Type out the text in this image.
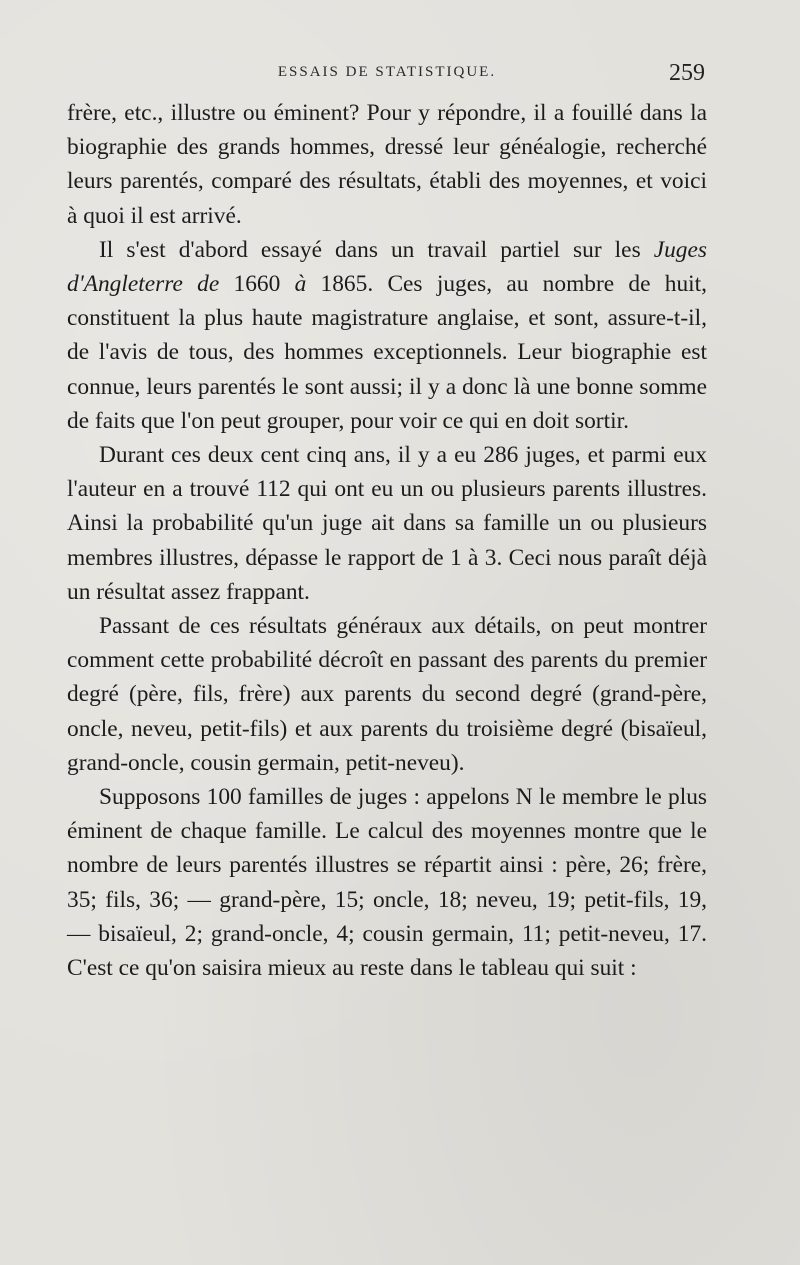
ESSAIS DE STATISTIQUE.	259

frère, etc., illustre ou éminent? Pour y répondre, il a fouillé dans la biographie des grands hommes, dressé leur généalogie, recherché leurs parentés, comparé des résultats, établi des moyennes, et voici à quoi il est arrivé.

Il s'est d'abord essayé dans un travail partiel sur les Juges d'Angleterre de 1660 à 1865. Ces juges, au nombre de huit, constituent la plus haute magistrature anglaise, et sont, assure-t-il, de l'avis de tous, des hommes exceptionnels. Leur biographie est connue, leurs parentés le sont aussi; il y a donc là une bonne somme de faits que l'on peut grouper, pour voir ce qui en doit sortir.

Durant ces deux cent cinq ans, il y a eu 286 juges, et parmi eux l'auteur en a trouvé 112 qui ont eu un ou plusieurs parents illustres. Ainsi la probabilité qu'un juge ait dans sa famille un ou plusieurs membres illustres, dépasse le rapport de 1 à 3. Ceci nous paraît déjà un résultat assez frappant.

Passant de ces résultats généraux aux détails, on peut montrer comment cette probabilité décroît en passant des parents du premier degré (père, fils, frère) aux parents du second degré (grand-père, oncle, neveu, petit-fils) et aux parents du troisième degré (bisaïeul, grand-oncle, cousin germain, petit-neveu).

Supposons 100 familles de juges : appelons N le membre le plus éminent de chaque famille. Le calcul des moyennes montre que le nombre de leurs parentés illustres se répartit ainsi : père, 26; frère, 35; fils, 36; — grand-père, 15; oncle, 18; neveu, 19; petit-fils, 19, — bisaïeul, 2; grand-oncle, 4; cousin germain, 11; petit-neveu, 17. C'est ce qu'on saisira mieux au reste dans le tableau qui suit :
